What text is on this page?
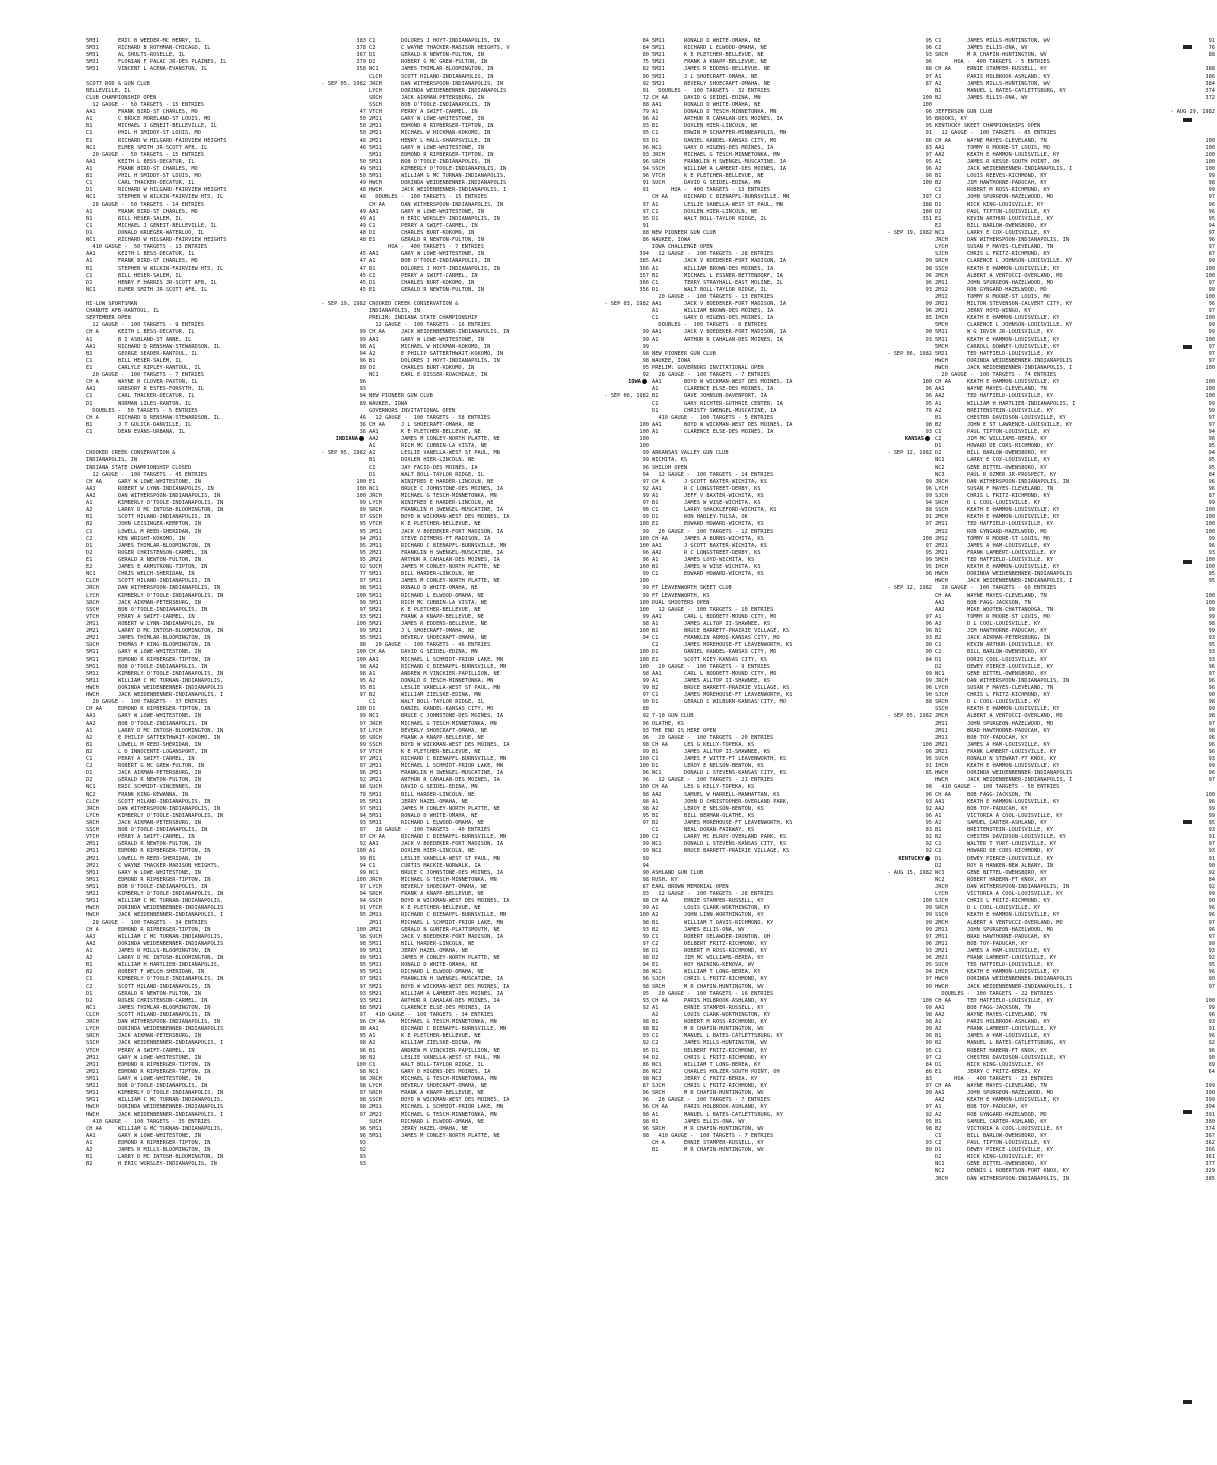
5M31	ERIC B WEEDER-MC HENRY, IL	383
5M31	RICHARD B ROTHMAN-CHICAGO, IL	378
5M31	AL SHULTS-ROSELLE, IL	367
5M31	FLORIAN F PALAC JR-DES PLAINES, IL	379
5M31	VINCENT L ACENA-EVANSTON, IL	358
SCOTT ROD & GUN CLUB	- SEP 05, 1982
BELLEVILLE, IL
CLUB CHAMPIONSHIP OPEN
12 GAUGE -  50 TARGETS - 15 ENTRIES
AA1	FRANK BIRD-ST CHARLES, MO	47
A1	C BRUCE MORELAND-ST LOUIS, MO	50
B1	MICHAEL J GENEIT-BELLEVILLE, IL	50
C1	PHIL H SMIDDY-ST LOUIS, MO	50
E1	RICHARD W HILGARD-FAIRVIEW HEIGHTS	48
NC1	ELMER SMITH JR-SCOTT AFB, IL	46
20 GAUGE -  50 TARGETS - 15 ENTRIES
AA1	KEITH L BESS-DECATUR, IL	50
A1	FRANK BIRD-ST CHARLES, MO	49
B1	PHIL H SMIDDY-ST LOUIS, MO	50
C1	CARL THACKER-DECATUR, IL	49
D1	RICHARD W HILGARD-FAIRVIEW HEIGHTS	48
NC1	STEPHEN W WILKIN-FAIRVIEW HTS, IL	48
28 GAUGE -  50 TARGETS - 14 ENTRIES
A1	FRANK BIRD-ST CHARLES, MO	49
B1	BILL HESER-SALEM, IL	49
C1	MICHAEL J GENEIT-BELLEVILLE, IL	49
D1	DONALD KRUEGER-WATERLOO, IL	48
NC1	RICHARD W HILGARD-FAIRVIEW HEIGHTS	48
410 GAUGE -  50 TARGETS - 13 ENTRIES
AA1	KEITH L BESS-DECATUR, IL	45
A1	FRANK BIRD-ST CHARLES, MO	47
B1	STEPHEN W WILKIN-FAIRVIEW HTS, IL	47
C1	BILL HESER-SALEM, IL	45
D1	HENRY F HARRIS JR-SCOTT AFB, IL	45
NC1	ELMER SMITH JR-SCOTT AFB, IL	45
HI-LOW SPORTSMAN	- SEP 19, 1982
CHANUTE AFB-RANTOUL, IL
SEPTEMBER OPEN
12 GAUGE -  100 TARGETS - 9 ENTRIES
CH A	KEITH L BESS-DECATUR, IL	99
A1	B I ASBLAND-ST ANNE, IL	99
AA1	RICHARD D RENSHAW-STEWARDSON, IL	98
B1	GEORGE SEADER-RANTOUL, IL	94
C1	BILL HESER-SALEM, IL	96
E1	CARLYLE RIPLEY-RANTOUL, IL	89
20 GAUGE -  100 TARGETS - 7 ENTRIES
CH A	WAYNE R CLOVER-PAXTON, IL	96
AA1	GREGORY R ESTES-FORSYTH, IL	93
C1	CARL THACKER-DECATUR, IL	94
D1	NORMAN LILES-RANTON, IL	89
DOUBLES -  50 TARGETS - 5 ENTRIES
CH A	RICHARD D RENSHAW-STEWARDSON, IL	46
B1	J T GULICK-DANVILLE, IL	36
C1	DEAN EVANS-URBANA, IL	36
INDIANA
CROOKED CREEK CONSERVATION &	- SEP 05, 1982
INDIANAPOLIS, IN
INDIANA STATE CHAMPIONSHIP CLOSED
12 GAUGE -  100 TARGETS - 45 ENTRIES
CH AA	GARY W LOWE-WHITESTONE, IN	100
AA1	ROBERT W LYNN-INDIANAPOLIS, IN	100
AA2	DAN WITHERSPOON-INDIANAPOLIS, IN	100
A1	KIMBERLY O'TOOLE-INDIANAPOLIS, IN	99
A2	LARRY D MC INTOSH-BLOOMINGTON, IN	99
B1	SCOTT HILAND-INDIANAPOLIS, IN	97
B2	JOHN LEISINGER-KEMPTON, IN	95
C1	LOWELL M REED-SHERIDAN, IN	95
C2	KEN WRIGHT-KOKOMO, IN	94
D1	JAMES THIMLAR-BLOOMINGTON, IN	95
D2	ROGER CHRISTENSON-CARMEL, IN	95
E1	GERALD R NEWTON-FULTON, IN	95
E2	JAMES E ARMSTRONG-TIPTON, IN	92
NC1	CHRIS WELCH-SHERIDAN, IN	77
CLCH	SCOTT HILAND-INDIANAPOLIS, IN	97
JRCH	DAN WITHERSPOON-INDIANAPOLIS, IN	98
LYCH	KIMBERLY O'TOOLE-INDIANAPOLIS, IN	100
SRCH	JACK AIKMAN-PETERSBURG, IN	99
SSCH	BOB O'TOOLE-INDIANAPOLIS, IN	97
VTCH	PERRY A SWIFT-CARMEL, IN	93
2M11	ROBERT W LYNN-INDIANAPOLIS, IN	100
2M21	LARRY D MC INTOSH-BLOOMINGTON, IN	99
2M21	JAMES THIMLAR-BLOOMINGTON, IN	95
SUCH	THOMAS F KING-BLOOMINGTON, IN	98
5M11	GARY W LOWE-WHITESTONE, IN	100
5M11	EDMOND R RIPBERGER-TIPTON, IN	100
5M11	BOB O'TOOLE-INDIANAPOLIS, IN	98
5M11	KIMBERLY O'TOOLE-INDIANAPOLIS, IN	98
5M11	WILLIAM C MC TURNAN-INDIANAPOLIS,	95
HWCH	DORINDA WEIDENBENNER-INDIANAPOLIS	95
HWCH	JACK WEIDENBENNER-INDIANAPOLIS, I	97
20 GAUGE -  100 TARGETS - 37 ENTRIES
CH AA	EDMOND R RIPBERGER-TIPTON, IN	100
AA1	GARY W LOWE-WHITESTONE, IN	99
AA2	BOB O'TOOLE-INDIANAPOLIS, IN	97
A1	LARRY D MC INTOSH-BLOOMINGTON, IN	97
A2	E PHILIP SATTERTHWAIT-KOKOMO, IN	95
B1	LOWELL M REED-SHERIDAN, IN	99
B2	L D INNOCENTE-LOGANSPORT, IN	97
C1	PERRY A SWIFT-CARMEL, IN	97
C2	ROBERT G MC GREW-FULTON, IN	97
D1	JACK AIKMAN-PETERSBURG, IN	96
D2	GERALD R NEWTON-FULTON, IN	92
NC1	ERIC SCHMIDT-VINCENNES, IN	86
NC2	FRANK KING-KEWANNA, IN	78
CLCH	SCOTT HILAND-INDIANAPOLIS, IN	95
JRCH	DAN WITHERSPOON-INDIANAPOLIS, IN	97
LYCH	KIMBERLY O'TOOLE-INDIANAPOLIS, IN	94
SRCH	JACK AIKMAN-PETERSBURG, IN	93
SSCH	BOB O'TOOLE-INDIANAPOLIS, IN	97
VTCH	PERRY A SWIFT-CARMEL, IN	97
2M11	GERALD R NEWTON-FULTON, IN	92
2M11	EDMOND R RIPBERGER-TIPTON, IN	100
2M21	LOWELL M REED-SHERIDAN, IN	99
2M21	C WAYNE THACKER-MADISON HEIGHTS,	94
5M11	GARY W LOWE-WHITESTONE, IN	99
5M11	EDMOND R RIPBERGER-TIPTON, IN	100
5M11	BOB O'TOOLE-INDIANAPOLIS, IN	97
5M11	KIMBERLY O'TOOLE-INDIANAPOLIS, IN	94
5M11	WILLIAM C MC TURNAN-INDIANAPOLIS,	94
HWCH	DORINDA WEIDENBENNER-INDIANAPOLIS	91
HWCH	JACK WEIDENBENNER-INDIANAPOLIS, I	95
28 GAUGE -  100 TARGETS - 34 ENTRIES
CH A	EDMOND R RIPBERGER-TIPTON, IN	100
AA1	WILLIAM C MC TURNAN-INDIANAPOLIS,	98
AA2	DORINDA WEIDENBENNER-INDIANAPOLIS	98
A1	JAMES R MILLS-BLOOMINGTON, IN	99
A2	LARRY D MC INTOSH-BLOOMINGTON, IN	99
B1	WILLIAM H HARTLIEB-INDIANAPOLIS,	95
B2	ROBERT F WELCH-SHERIDAN, IN	95
C1	KIMBERLY O'TOOLE-INDIANAPOLIS, IN	97
C2	SCOTT HILAND-INDIANAPOLIS, IN	97
D1	GERALD R NEWTON-FULTON, IN	93
D2	ROGER CHRISTENSON-CARMEL, IN	93
NC1	JAMES THIMLAR-BLOOMINGTON, IN	88
CLCH	SCOTT HILAND-INDIANAPOLIS, IN	97
JRCH	DAN WITHERSPOON-INDIANAPOLIS, IN	96
LYCH	DORINDA WEIDENBENNER-INDIANAPOLIS	98
SRCH	JACK AIKMAN-PETERSBURG, IN	95
SSCH	JACK WEIDENBENNER-INDIANAPOLIS, I	98
VTCH	PERRY A SWIFT-CARMEL, IN	96
2M11	GARY W LOWE-WHITESTONE, IN	98
2M11	EDMOND R RIPBERGER-TIPTON, IN	100
2M21	EDMOND R RIPBERGER-TIPTON, IN	98
5M11	GARY W LOWE-WHITESTONE, IN	98
5M11	BOB O'TOOLE-INDIANAPOLIS, IN	98
5M11	KIMBERLY O'TOOLE-INDIANAPOLIS, IN	97
5M11	WILLIAM C MC TURNAN-INDIANAPOLIS,	98
HWCH	DORINDA WEIDENBENNER-INDIANAPOLIS	98
HWCH	JACK WEIDENBENNER-INDIANAPOLIS, I	97
410 GAUGE -  100 TARGETS - 35 ENTRIES
CH AA	WILLIAM G MC TURNAN-INDIANAPOLIS,	96
AA1	GARY W LOWE-WHITESTONE, IN	96
A1	EDMOND R RIPBERGER-TIPTON, IN	93
A2	JAMES R MILLS-BLOOMINGTON, IN	92
B1	LARRY D MC INTOSH-BLOOMINGTON, IN	93
B2	H ERIC WORSLEY-INDIANAPOLIS, IN	93
C1	DOLORES J HOYT-INDIANAPOLIS, IN	84
C2	C WAYNE THACKER-MADISON HEIGHTS, V	84
D1	GERALD R NEWTON-FULTON, IN	80
D2	ROBERT G MC GREW-FULTON, IN	75
NC1	JAMES THIMLAR-BLOOMINGTON, IN	82
CLCH	SCOTT HILAND-INDIANAPOLIS, IN	90
JRCH	DAN WITHERSPOON-INDIANAPOLIS, IN	92
LYCH	DORINDA WEIDENBENNER-INDIANAPOLIS	91
SRCH	JACK AIKMAN-PETERSBURG, IN	72
SSCH	BOB O'TOOLE-INDIANAPOLIS, IN	88
VTCH	PERRY A SWIFT-CARMEL, IN	79
2M11	GARY W LOWE-WHITESTONE, IN	96
2M11	EDMOND R RIPBERGER-TIPTON, IN	93
2M21	MICHAEL W HICKMAN-KOKOMO, IN	95
2M21	HENRY L HALL-SHARPSVILLE, IN	93
5M11	GARY W LOWE-WHITESTONE, IN	96
5M11	EDMOND R RIPBERGER-TIPTON, IN	93
5M11	BOB O'TOOLE-INDIANAPOLIS, IN	96
5M11	KIMBERLY O'TOOLE-INDIANAPOLIS, IN	94
5M11	WILLIAM G MC TURNAN-INDIANAPOLIS,	96
HWCH	DORINDA WEIDENBENNER-INDIANAPOLIS	91
HWCH	JACK WEIDENBENNER-INDIANAPOLIS, I	91
DOUBLES -  100 TARGETS - 15 ENTRIES
CH AA	DAN WITHERSPOON-INDIANAPOLIS, IN	97
AA1	GARY W LOWE-WHITESTONE, IN	97
A1	H ERIC WORSLEY-INDIANAPOLIS, IN	95
C1	PERRY A SWIFT-CARMEL, IN	91
D1	CHARLES BURT-KOKOMO, IN	88
E1	GERALD R NEWTON-FULTON, IN	86
HOA -  400 TARGETS - 7 ENTRIES
AA1	GARY W LOWE-WHITESTONE, IN	394
A1	BOB O'TOOLE-INDIANAPOLIS, IN	385
B1	DOLORES J HOYT-INDIANAPOLIS, IN	366
C1	PERRY A SWIFT-CARMEL, IN	357
D1	CHARLES BURT-KOKOMO, IN	366
E1	GERALD R NEWTON-FULTON, IN	356
CROOKED CREEK CONSERVATION &	- SEP 03, 1982
INDIANAPOLIS, IN
PRELIM: INDIANA STATE CHAMPIONSHIP
12 GAUGE -  100 TARGETS - 16 ENTRIES
CH AA	JACK WEIDENBENNER-INDIANAPOLIS, IN	99
AA1	GARY W LOWE-WHITESTONE, IN	99
A1	MICHAEL W HICKMAN-KOKOMO, IN	99
A2	E PHILIP SATTERTHWAIT-KOKOMO, IN	98
B1	DOLORES J HOYT-INDIANAPOLIS, IN	98
D1	CHARLES BURT-KOKOMO, IN	95
NC1	EARL E DISSER-ROACHDALE, IN	92
IOWA
NEW PIONEER GUN CLUB	- SEP 06, 1982
WAUKEE, IOWA
GOVERNORS INVITATIONAL OPEN
12 GAUGE -  100 TARGETS - 58 ENTRIES
CH AA	J L SHOECRAFT-OMAHA, NE	100
AA1	K E PLETCHER-BELLEVUE, NE	100
AA2	JAMES M CONLEY-NORTH PLATTE, NE	100
A1	RICH MC CUBBIN-LA VISTA, NE	100
A2	LESLIE VANELLA-WEST ST PAUL, MN	99
B1	DOXLEN HIER-LINCOLN, NE	99
C1	JAY FACIO-DES MOINES, IA	96
D1	WALT BOLL-TAYLOR RIDGE, IL	94
E1	WINIFRED E HARDER-LINCOLN, NE	97
NC1	BRUCE C JOHNSTONE-DES MOINES, IA	92
JRCH	MICHAEL G TESCH-MINNETONKA, MN	99
LYCH	WINIFRED E HARDER-LINCOLN, NE	97
SRCH	FRANKLIN H SWENGEL-MUSCATINE, IA	96
SSCH	BOYD W WICKMAN-WEST DES MOINES, IA	99
VTCH	K E PLETCHER-BELLEVUE, NE	100
2M11	JACK V BOEDEKER-FORT MADISON, IA	99
2M11	STEVE DITMERS-FT MADISON, IA	100
2M11	RICHARD C BIENAPFL-BURNSVILLE, MN	100
2M21	FRANKLIN H SWENGEL-MUSCATINE, IA	96
2M21	ARTHUR R CAHALAN-DES MOINES, IA	96
SUCH	JAMES M CONLEY-NORTH PLATTE, NE	100
5M11	BILL HARDER-LINCOLN, NE	99
5M11	JAMES M CONLEY-NORTH PLATTE, NE	100
5M11	RONALD D WHITE-OMAHA, NE	99
5M11	RICHARD L ELWOOD-OMAHA, NE	99
5M11	RICH MC CUBBIN-LA VISTA, NE	100
5M21	K E PLETCHER-BELLEVUE, NE	100
5M21	FRANK A KNAPP-BELLEVUE, NE	99
5M21	JAMES R EDDENS-BELLEVUE, NE	98
5M21	J L SHOECRAFT-OMAHA, NE	100
5M21	BEVERLY SHOECRAFT-OMAHA, NE	94
20 GAUGE -  100 TARGETS - 46 ENTRIES
CH AA	DAVID G SEIDEL-EDINA, MN	100
AA1	MICHAEL L SCHMIDT-PRIOR LAKE, MN	100
AA2	RICHARD C BIENAPFL-BURNSVILLE, MN	100
A1	ANDREW M VINCKIER-PAPILLION, NE	98
A2	DONALD D TESCH-MINNETONKA, MN	99
B1	LESLIE VANELLA-WEST ST PAUL, MN	99
B2	WILLIAM ZIELSKE-EDINA, MN	97
C1	WALT BOLL-TAYLOR RIDGE, IL	90
D1	DANIEL KANDEL-KANSAS CITY, MO	88
NC1	BRUCE C JOHNSTONE-DES MOINES, IA	92
JRCH	MICHAEL G TESCH-MINNETONKA, MN	96
LYCH	BEVERLY SHOECRAFT-OMAHA, NE	93
SRCH	FRANK A KNAPP-BELLEVUE, NE	96
SSCH	BOYD W WICKMAN-WEST DES MOINES, IA	98
VTCH	K E PLETCHER-BELLEVUE, NE	99
2M11	RICHARD C BIENAPFL-BURNSVILLE, MN	100
2M11	MICHAEL L SCHMIDT-PRIOR LAKE, MN	100
2M21	FRANKLIN H SWENGEL-MUSCATINE, IA	96
2M21	ARTHUR R CAHALAN-DES MOINES, IA	96
SUCH	DAVID G SEIDEL-EDINA, MN	100
5M11	BILL HARDER-LINCOLN, NE	98
5M11	JERRY HAZEL-OMAHA, NE	98
5M11	JAMES M CONLEY-NORTH PLATTE, NE	98
5M11	RONALD D WHITE-OMAHA, NE	95
5M11	RICHARD L ELWOOD-OMAHA, NE	97
28 GAUGE -  100 TARGETS - 40 ENTRIES
CH AA	RICHARD C BIENAPFL-BURNSVILLE, MN	100
AA1	JACK V BOEDEKER-FORT MADISON, IA	99
A1	DOXLEN HIER-LINCOLN, NE	99
B1	LESLIE VANELLA-WEST ST PAUL, MN	99
C1	CURTIS MACKIE-NORWALK, IA	94
NC1	BRUCE C JOHNSTONE-DES MOINES, IA	90
JRCH	MICHAEL G TESCH-MINNETONKA, MN	98
LYCH	BEVERLY SHOECRAFT-OMAHA, NE	87
SRCH	FRANK A KNAPP-BELLEVUE, NE	93
SSCH	BOYD W WICKMAN-WEST DES MOINES, IA	98
VTCH	K E PLETCHER-BELLEVUE, NE	99
2M11	RICHARD C BIENAPFL-BURNSVILLE, MN	100
2M11	MICHAEL L SCHMIDT-PRIOR LAKE, MN	98
2M21	GERALD N GUNTER-PLATTSMOUTH, NE	93
SUCH	JACK V BOEDEKER-FORT MADISON, IA	99
5M11	BILL HARDER-LINCOLN, NE	97
5M11	JERRY HAZEL-OMAHA, NE	98
5M11	JAMES M CONLEY-NORTH PLATTE, NE	98
5M11	RONALD D WHITE-OMAHA, NE	94
5M11	RICHARD L ELWOOD-OMAHA, NE	98
5M21	FRANKLIN H SWENGEL-MUSCATINE, IA	96
5M21	BOYD W WICKMAN-WEST DES MOINES, IA	98
5M21	WILLIAM A LAMBERT-DES MOINES, IA	95
5M21	ARTHUR R CAHALAN-DES MOINES, IA	93
5M21	CLARENCE ELSE-DES MOINES, IA	92
410 GAUGE -  100 TARGETS - 34 ENTRIES
CH AA	MICHAEL G TESCH-MINNETONKA, MN	98
AA1	RICHARD C BIENAPFL-BURNSVILLE, MN	98
A1	K E PLETCHER-BELLEVUE, NE	93
A2	WILLIAM ZIELSKE-EDINA, MN	92
B1	ANDREW M VINCKIER-PAPILLION, NE	95
B2	LESLIE VANELLA-WEST ST PAUL, MN	94
C1	WALT BOLL-TAYLOR RIDGE, IL	86
NC1	GARY D HIGENS-DES MOINES, IA	86
JRCH	MICHAEL G TESCH-MINNETONKA, MN	98
LYCH	BEVERLY SHOECRAFT-OMAHA, NE	87
SRCH	FRANK A KNAPP-BELLEVUE, NE	96
SSCH	BOYD W WICKMAN-WEST DES MOINES, IA	96
2M11	MICHAEL L SCHMIDT-PRIOR LAKE, MN	96
2M21	MICHAEL G TESCH-MINNETONKA, MN	98
SUCH	RICHARD L ELWOOD-OMAHA, NE	98
5M11	JERRY HAZEL-OMAHA, NE	96
5M11	JAMES M CONLEY-NORTH PLATTE, NE	98
5M11	RONALD D WHITE-OMAHA, NE	95
5M11	RICHARD L ELWOOD-OMAHA, NE	96
5M21	K E PLETCHER-BELLEVUE, NE	93
5M21	FRANK A KNAPP-BELLEVUE, NE	96
5M21	JAMES R EDDENS-BELLEVUE, NE	88
5M21	J L SHOECRAFT-OMAHA, NE	97
5M21	BEVERLY SHOECRAFT-OMAHA, NE	87
DOUBLES -  100 TARGETS - 32 ENTRIES
CH AA	DAVID G SEIDEL-EDINA, MN	100
AA1	RONALD D WHITE-OMAHA, NE	100
A1	DONALD D TESCH-MINNETONKA, MN	96
A2	ARTHUR R CAHALAN-DES MOINES, IA	95
B1	DOXLEN HIER-LINCOLN, NE	95
C1	ERWIN M SCHAFFER-MINNEAPOLIS, MN	91
D1	DANIEL KANDEL-KANSAS CITY, MO	86
NC1	GARY D HIGENS-DES MOINES, IA	83
JRCH	MICHAEL G TESCH-MINNETONKA, MN	97
SRCH	FRANKLIN H SWENGEL-MUSCATINE, IA	95
SSCH	WILLIAM A LAMBERT-DES MOINES, IA	96
VTCH	K E PLETCHER-BELLEVUE, NE	96
SUCH	DAVID G SEIDEL-EDINA, MN	100
HOA -  400 TARGETS - 13 ENTRIES
CH AA	RICHARD C BIENAPFL-BURNSVILLE, MN	397
A1	LESLIE VANELLA-WEST ST PAUL, MN	388
C1	DOXLEN HIER-LINCOLN, NE	380
D1	WALT BOLL-TAYLOR RIDGE, IL	351
NEW PIONEER GUN CLUB	- SEP 19, 1982
WAUKEE, IOWA
IOWA CHALLENGE OPEN
12 GAUGE -  100 TARGETS - 28 ENTRIES
AA1	JACK V BOEDEKER-FORT MADISON, IA	99
A1	WILLIAM BROWN-DES MOINES, IA	98
B1	MICHAEL L ESSNER-BETTENDORF, IA	96
C1	TERRY STRAYHALL-EAST MOLINE, IL	96
D1	WALT BOLL-TAYLOR RIDGE, IL	93
20 GAUGE -  100 TARGETS - 13 ENTRIES
AA1	JACK V BOEDEKER-FORT MADISON, IA	99
A1	WILLIAM BROWN-DES MOINES, IA	96
C1	GARY D HIGENS-DES MOINES, IA	85
DOUBLES -  100 TARGETS - 6 ENTRIES
AA1	JACK V BOEDEKER-FORT MADISON, IA	90
A1	ARTHUR R CAHALAN-DES MOINES, IA	93
NEW PIONEER GUN CLUB	- SEP 06, 1982
WAUKEE, IOWA
PRELIM: GOVERNORS INVITATIONAL OPEN
28 GAUGE -  100 TARGETS - 7 ENTRIES
AA1	BOYD W WICKMAN-WEST DES MOINES, IA	100
A1	CLARENCE ELSE-DES MOINES, IA	96
B1	DAVE JOHNSON-DAVENPORT, IA	96
C1	GARY RICHTER-GUTHRIE CENTER, IA	95
D1	CHRISTY SWENGEL-MUSCATINE, IA	76
410 GAUGE -  100 TARGETS - 5 ENTRIES
AA1	BOYD W WICKMAN-WEST DES MOINES, IA	98
A1	CLARENCE ELSE-DES MOINES, IA	93
KANSAS
ARKANSAS VALLEY GUN CLUB	- SEP 12, 1982
WICHITA, KS
SHILOH OPEN
12 GAUGE -  100 TARGETS - 14 ENTRIES
CH A	J SCOTT BAXTER-WICHITA, KS	99
AA1	R C LONGSTREET-DERBY, KS	96
A1	JEFF V BAXTER-WICHITA, KS	99
B1	JAMES W WISE-WICHITA, KS	94
C1	LARRY SHACKLEFORD-WICHITA, KS	88
D1	RON HADLEY-TULSA, OK	91
E1	EDWARD HOWARD-WICHITA, KS	97
20 GAUGE -  100 TARGETS - 12 ENTRIES
CH AA	JAMES A BURNS-WICHITA, KS	100
AA1	J SCOTT BAXTER-WICHITA, KS	97
AA2	R C LONGSTREET-DERBY, KS	95
A1	JAMES LOYD-WICHITA, KS	99
B1	JAMES W WISE-WICHITA, KS	95
C1	EDWARD HOWARD-WICHITA, KS	96
FT LEAVENWORTH SKEET CLUB	- SEP 12, 1982
FT LEAVENWORTH, KS
DUAL SHOOTERS OPEN
12 GAUGE -  100 TARGETS - 10 ENTRIES
AA1	CARL L BODDETT-MOUND CITY, MO	97
A1	JAMES ALLTOP II-SHAWNEE, KS	96
B1	BRUCE BARRETT-PRAIRIE VILLAGE, KS	96
C1	FRANKLIN ARMOS-KANSAS CITY, MO	93
C2	JAMES MOREHOUSE-FT LEAVENWORTH, KS	90
D1	DANIEL KANDEL-KANSAS CITY, MO	90
E1	SCOTT KIEY-KANSAS CITY, KS	84
20 GAUGE -  100 TARGETS - 9 ENTRIES
AA1	CARL L BODDETT-MOUND CITY, MO	99
A1	JAMES ALLTOP II-SHAWNEE, KS	99
B2	BRUCE BARRETT-PRAIRIE VILLAGE, KS	96
C1	JAMES MOREHOUSE-FT LEAVENWORTH, KS	90
D1	GERALD C WILBURN-KANSAS CITY, MO	88
7-10 GUN CLUB	- SEP 05, 1982
OLATHE, KS
THE END IS HERE OPEN
20 GAUGE -  100 TARGETS - 20 ENTRIES
CH AA	LES G KELLY-TOPEKA, KS	100
B1	JAMES ALLTOP II-SHAWNEE, KS	96
C1	JAMES F WITTE-FT LEAVENWORTH, KS	95
D1	LEROY E NELSON-BENTON, KS	91
NC1	DONALD L STEVENS-KANSAS CITY, KS	85
12 GAUGE -  100 TARGETS - 21 ENTRIES
CH AA	LES G KELLY-TOPEKA, KS	98
AA2	SAMUEL W HARRELL-MANHATTAN, KS	96
A1	JOHN D CHRISTOPHER-OVERLAND PARK,	93
A2	LEROY E NELSON-BENTON, KS	92
B1	BILL BERMAN-OLATHE, KS	96
B2	JAMES MOREHOUSE-FT LEAVENWORTH, KS	95
C1	NEAL DORAN-FAIRWAY, KS	83
C2	LARRY MC ELROY-OVERLAND PARK, KS	92
NC1	DONALD L STEVENS-KANSAS CITY, KS	92
NC2	BRUCE BARRETT-PRAIRIE VILLAGE, KS	92
KENTUCKY
ASHLAND GUN CLUB	- AUG 15, 1982
RUSH, KY
EARL BROWN MEMORIAL OPEN
12 GAUGE -  100 TARGETS - 20 ENTRIES
CH AA	ERNIE STAMPER-RUSSELL, KY	100
A1	LOUIS CLARK-WORTHINGTON, KY	99
A2	JOHN LINN-WORTHINGTON, KY	99
B1	WILLIAM T DAVIS-RICHMOND, KY	99
B2	JAMES ELLIS-ONA, WV	99
C1	ROBERT DELAWDER-IRONTON, OH	97
C2	DELBERT FRITZ-RICHMOND, KY	96
D1	ROBERT M ROSS-RICHMOND, KY	93
D2	JIM MC WILLIAMS-BEREA, KY	96
E1	ROY HAINING-KENOVA, WV	95
NC1	WILLIAM T LONG-BEREA, KY	94
SJCH	CHRIS L FRITZ-RICHMOND, KY	97
SRCH	M R CHAFIN-HUNTINGTON, WV	99
20 GAUGE -  100 TARGETS - 16 ENTRIES
CH AA	PARIS HOLBROOK-ASHLAND, KY	100
A1	ERNIE STAMPER-RUSSELL, KY	99
A2	LOUIS CLARK-WORTHINGTON, KY	98
B1	ROBERT M ROSS-RICHMOND, KY	98
B2	M R CHAFIN-HUNTINGTON, WV	99
C1	MANUEL L BATES-CATLETTSBURG, KY	96
C2	JAMES MILLS-HUNTINGTON, WV	99
D1	DELBERT FRITZ-RICHMOND, KY	95
D2	CHRIS L FRITZ-RICHMOND, KY	97
NC1	WILLIAM T LONG-BEREA, KY	84
NC2	CHARLES HOLZER-SOUTH POINT, OH	86
NC3	JERRY C FRITZ-BEREA, KY	83
SJCH	CHRIS L FRITZ-RICHMOND, KY	97
SRCH	M R CHAFIN-HUNTINGTON, WV	99
28 GAUGE -  100 TARGETS - 7 ENTRIES
CH AA	PARIS HOLBROOK-ASHLAND, KY	97
A1	MANUEL L BATES-CATLETTSBURG, KY	92
B1	JAMES ELLIS-ONA, WV	95
SRCH	M R CHAFIN-HUNTINGTON, WV	98
410 GAUGE -  100 TARGETS - 7 ENTRIES
CH A	ERNIE STAMPER-RUSSELL, KY	93
B1	M R CHAFIN-HUNTINGTON, WV	89
C1	JAMES MILLS-HUNTINGTON, WV	91
C2	JAMES ELLIS-ONA, WV	76
SRCH	M R CHAFIN-HUNTINGTON, WV	88
HOA -  400 TARGETS - 5 ENTRIES
CH AA	ERNIE STAMPER-RUSSELL, KY	388
A1	PARIS HOLBROOK-ASHLAND, KY	386
A2	JAMES MILLS-HUNTINGTON, WV	384
B1	MANUEL L BATES-CATLETTSBURG, KY	374
B2	JAMES ELLIS-ONA, WV	372
JEFFERSON GUN CLUB	- AUG 29, 1982
BROOKS, KY
KENTUCKY SKEET CHAMPIONSHIPS OPEN
12 GAUGE -  100 TARGETS - 85 ENTRIES
CH AA	WAYNE MAYES-CLEVELAND, TN	100
AA1	TOMMY R MOORE-ST LOUIS, MO	100
AA2	KEATH E HAMMON-LOUISVILLE, KY	100
A1	JAMES R KESSE-SOUTH POINT, OH	100
A2	JACK WEIDENBENNER-INDIANAPOLIS, I	100
B1	LOUIS REEVES-RICHMOND, KY	99
B2	JIM HAWTHORNE-PADUCAH, KY	98
C1	ROBERT M ROSS-RICHMOND, KY	99
C2	JOHN SPURGEON-HAZELWOOD, MO	97
D1	NICK KING-LOUISVILLE, KY	96
D2	PAUL TIPTON-LOUISVILLE, KY	96
E1	KEVIN ARTHUR-LOUISVILLE, KY	95
E2	BILL BARLOW-OWENSBORO, KY	94
NC1	LARRY E COX-LOUISVILLE, KY	97
JRCH	DAN WITHERSPOON-INDIANAPOLIS, IN	96
LYCH	SUSAN F MAYES-CLEVELAND, TN	97
SJCH	CHRIS L FRITZ-RICHMOND, KY	87
SRCH	CLARENCE L JOHNSON-LOUISVILLE, KY	99
SSCH	KEATH E HAMMON-LOUISVILLE, KY	100
2MCH	ALBERT A VENTUCCI-OVERLAND, MO	100
2M11	JOHN SPURGEON-HAZELWOOD, MO	97
2M12	ROB GYNGARD-HAZELWOOD, MO	99
2M12	TOMMY R MOORE-ST LOUIS, MO	100
2M21	MILTON STEVENSON-CALVERT CITY, KY	96
2M21	JERRY HOYD-WINGO, KY	97
IHCH	KEATH E HAMMON-LOUISVILLE, KY	100
5MCH	CLARENCE L JOHNSON-LOUISVILLE, KY	99
5M11	W G IRVIN JR-LOUISVILLE, KY	99
5M11	KEATH E HAMMON-LOUISVILLE, KY	100
5MCH	CARROLL DOWNEY-LOUISVILLE, KY	97
5M21	TED HATFIELD-LOUISVILLE, KY	97
HWCH	DORINDA WEIDENBENNER-INDIANAPOLIS	97
HWCH	JACK WEIDENBENNER-INDIANAPOLIS, I	100
20 GAUGE -  100 TARGETS - 74 ENTRIES
CH AA	KEATH E HAMMON-LOUISVILLE, KY	100
AA1	WAYNE MAYES-CLEVELAND, TN	100
AA2	TED HATFIELD-LOUISVILLE, KY	100
A1	WILLIAM H HARTLIEB-INDIANAPOLIS, I	99
A2	BREITENSTEIN-LOUISVILLE, KY	99
B1	CHESTER DAVIDSON-LOUISVILLE, KY	97
B2	JOHN E ST LAWRENCE-LOUISVILLE, KY	97
C1	PAUL TIPTON-LOUISVILLE, KY	94
C2	JIM MC WILLIAMS-BEREA, KY	96
D1	HOWARD DE CORS-RICHMOND, KY	95
D2	BILL BARLOW-OWENSBORO, KY	94
NC1	LARRY E COX-LOUISVILLE, KY	95
NC2	GENE BITTEL-OWENSBORO, KY	95
NC3	PAUL R OZMER JR-PROSPECT, KY	84
JRCH	DAN WITHERSPOON-INDIANAPOLIS, IN	96
LYCH	SUSAN F MAYES-CLEVELAND, TN	96
SJCH	CHRIS L FRITZ-RICHMOND, KY	87
SRCH	D L COOL-LOUISVILLE, KY	99
SSCH	KEATH E HAMMON-LOUISVILLE, KY	100
2MCH	KEATH E HAMMON-LOUISVILLE, KY	100
2M11	TED HATFIELD-LOUISVILLE, KY	100
2M12	ROB GYNGARD-HAZELWOOD, MO	100
2M12	TOMMY R MOORE-ST LOUIS, MO	99
2M21	JAMES A HAM-LOUISVILLE, KY	96
2M21	FRANK LAMBERT-LOUISVILLE, KY	93
5MCH	TED HATFIELD-LOUISVILLE, KY	100
IHCH	KEATH E HAMMON-LOUISVILLE, KY	100
HWCH	DORINDA WEIDENBENNER-INDIANAPOLIS	95
HWCH	JACK WEIDENBENNER-INDIANAPOLIS, I	95
28 GAUGE -  100 TARGETS - 60 ENTRIES
CH AA	WAYNE MAYES-CLEVELAND, TN	100
AA1	BOB FAGG-JACKSON, TN	100
AA2	MIKE WOOTEN-CHATTANOOGA, TN	99
A1	TOMMY R MOORE-ST LOUIS, MO	99
A2	D L COOL-LOUISVILLE, KY	98
B1	JIM HAWTHORNE-PADUCAH, KY	99
B2	JACK AIKMAN-PETERSBURG, IN	93
C1	KEVIN ARTHUR-LOUISVILLE, KY	95
C2	BILL BARLOW-OWENSBORO, KY	93
D1	DORIS COOL-LOUISVILLE, KY	93
D2	DEWEY PIERCE-LOUISVILLE, KY	96
NC1	GENE BITTEL-OWENSBORO, KY	97
JRCH	DAN WITHERSPOON-INDIANAPOLIS, IN	96
LYCH	SUSAN F MAYES-CLEVELAND, TN	96
SJCH	CHRIS L FRITZ-RICHMOND, KY	90
SRCH	D L COOL-LOUISVILLE, KY	98
SSCH	KEATH E HAMMON-LOUISVILLE, KY	99
2MCH	ALBERT A VENTUCCI-OVERLAND, MO	98
2M11	JOHN SPURGEON-HAZELWOOD, MO	97
2M11	BRAD HAWTHORNE-PADUCAH, KY	98
2M11	BOB TOY-PADUCAH, KY	96
2M21	JAMES A HAM-LOUISVILLE, KY	96
2M21	FRANK LAMBERT-LOUISVILLE, KY	96
SUCH	RONALD N STEWART-FT KNOX, KY	93
IHCH	KEATH E HAMMON-LOUISVILLE, KY	99
HWCH	DORINDA WEIDENBENNER-INDIANAPOLIS	96
HWCH	JACK WEIDENBENNER-INDIANAPOLIS, I	97
410 GAUGE -  100 TARGETS - 50 ENTRIES
CH AA	BOB FAGG-JACKSON, TN	100
AA1	KEATH E HAMMON-LOUISVILLE, KY	96
AA2	BOB TOY-PADUCAH, KY	99
A1	VICTORIA A COOL-LOUISVILLE, KY	99
A2	SAMUEL CARTER-ASHLAND, KY	95
B1	BREITENSTEIN-LOUISVILLE, KY	93
B2	CHESTER DAVIDSON-LOUISVILLE, KY	91
C1	WALTER T YURT-LOUISVILLE, KY	97
C2	HOWARD DE CORS-RICHMOND, KY	93
D1	DEWEY PIERCE-LOUISVILLE, KY	91
D2	ROY R HANKEN-NEW ALBANY, IN	90
NC1	GENE BITTEL-OWENSBORO, KY	92
NC2	ROBERT HABERN-FT KNOX, KY	84
JRCH	DAN WITHERSPOON-INDIANAPOLIS, IN	92
LYCH	VICTORIA A COOL-LOUISVILLE, KY	99
SJCH	CHRIS L FRITZ-RICHMOND, KY	90
SRCH	D L COOL-LOUISVILLE, KY	96
SSCH	KEATH E HAMMON-LOUISVILLE, KY	96
2MCH	ALBERT A VENTUCCI-OVERLAND, MO	97
2M11	JOHN SPURGEON-HAZELWOOD, MO	96
2M11	BRAD HAWTHORNE-PADUCAH, KY	97
2M11	BOB TOY-PADUCAH, KY	99
2M21	JAMES A HAM-LOUISVILLE, KY	93
2M21	FRANK LAMBERT-LOUISVILLE, KY	92
SUCH	TED HATFIELD-LOUISVILLE, KY	95
IHCH	KEATH E HAMMON-LOUISVILLE, KY	96
HWCH	DORINDA WEIDENBENNER-INDIANAPOLIS	90
HWCH	JACK WEIDENBENNER-INDIANAPOLIS, I	97
DOUBLES -  100 TARGETS - 22 ENTRIES
CH AA	TED HATFIELD-LOUISVILLE, KY	100
AA1	BOB FAGG-JACKSON, TN	99
AA2	WAYNE MAYES-CLEVELAND, TN	96
A1	PARIS HOLBROOK-ASHLAND, KY	93
A2	FRANK LAMBERT-LOUISVILLE, KY	91
B1	JAMES A HAM-LOUISVILLE, KY	96
B2	MANUEL L BATES-CATLETTSBURG, KY	92
C1	ROBERT HABERN-FT KNOX, KY	96
C2	CHESTER DAVIDSON-LOUISVILLE, KY	90
D1	NICK KING-LOUISVILLE, KY	89
E1	JERRY C FRITZ-BEREA, KY	64
HOA -  400 TARGETS - 23 ENTRIES
CH AA	WAYNE MAYES-CLEVELAND, TN	399
AA1	JOHN SPURGEON-HAZELWOOD, MO	390
AA2	KEATH E HAMMON-LOUISVILLE, KY	399
A1	BOB TOY-PADUCAH, KY	394
A2	ROB GYNGARD-HAZELWOOD, MO	391
B1	SAMUEL CARTER-ASHLAND, KY	380
B2	VICTORIA A COOL-LOUISVILLE, KY	374
C1	BILL BARLOW-OWENSBORO, KY	367
C2	PAUL TIPTON-LOUISVILLE, KY	362
D1	DEWEY PIERCE-LOUISVILLE, KY	366
D2	NICK KING-LOUISVILLE, KY	361
NC1	GENE BITTEL-OWENSBORO, KY	377
NC2	DENNIS L ROBERTSON-FORT KNOX, KY	329
JRCH	DAN WITHERSPOON-INDIANAPOLIS, IN	385
